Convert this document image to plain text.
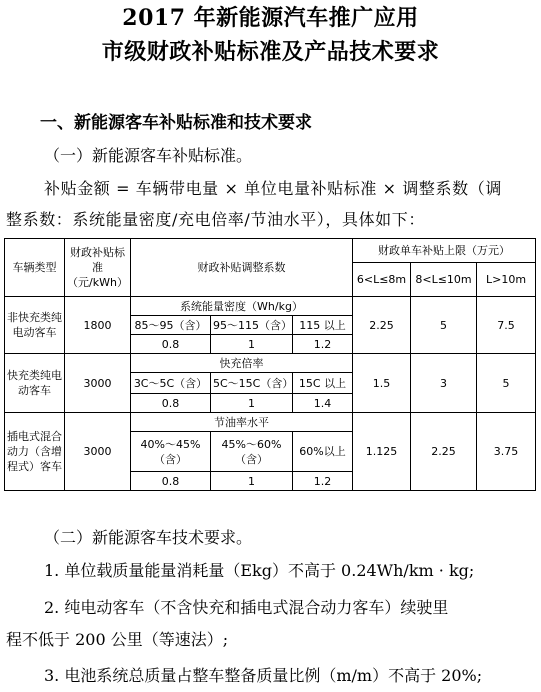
2017 年新能源汽车推广应用
市级财政补贴标准及产品技术要求
一、新能源客车补贴标准和技术要求
（一）新能源客车补贴标准。
补贴金额 = 车辆带电量 × 单位电量补贴标准 × 调整系数（调
整系数：系统能量密度/充电倍率/节油水平），具体如下：
车辆类型	财政补贴标准（元/kWh）	财政补贴调整系数			财政单车补贴上限（万元）		
					6<L≤8m	8<L≤10m	L>10m
非快充类纯电动客车	1800	系统能量密度（Wh/kg）			2.25	5	7.5
		85～95（含）	95～115（含）	115 以上			
		0.8	1	1.2			
快充类纯电动客车	3000	快充倍率			1.5	3	5
		3C～5C（含）	5C～15C（含）	15C 以上			
		0.8	1	1.4			
插电式混合动力（含增程式）客车	3000	节油率水平			1.125	2.25	3.75
		40%～45%（含）	45%～60%（含）	60%以上			
		0.8	1	1.2			
（二）新能源客车技术要求。
1. 单位载质量能量消耗量（Ekg）不高于 0.24Wh/km · kg;
2. 纯电动客车（不含快充和插电式混合动力客车）续驶里
程不低于 200 公里（等速法）;
3. 电池系统总质量占整车整备质量比例（m/m）不高于 20%;
